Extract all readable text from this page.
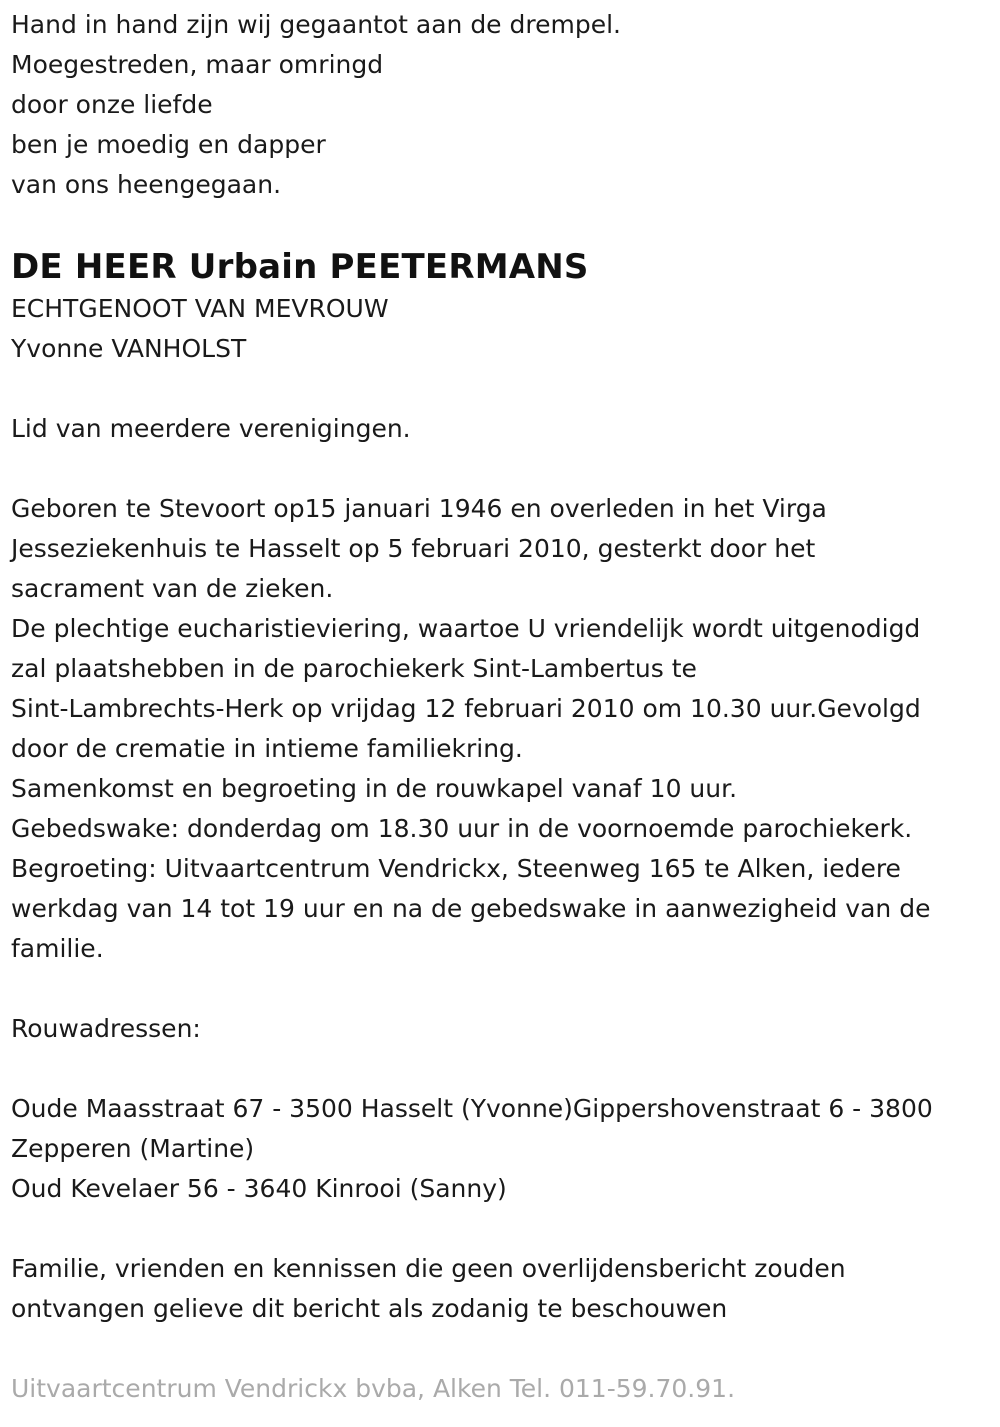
Hand in hand zijn wij gegaantot aan de drempel.
Moegestreden, maar omringd
door onze liefde
ben je moedig en dapper
van ons heengegaan.
DE HEER Urbain PEETERMANS
ECHTGENOOT VAN MEVROUW
Yvonne VANHOLST
Lid van meerdere verenigingen.
Geboren te Stevoort op15 januari 1946 en overleden in het Virga
Jesseziekenhuis te Hasselt op 5 februari 2010, gesterkt door het
sacrament van de zieken.
De plechtige eucharistieviering, waartoe U vriendelijk wordt uitgenodigd
zal plaatshebben in de parochiekerk Sint-Lambertus te
Sint-Lambrechts-Herk op vrijdag 12 februari 2010 om 10.30 uur.Gevolgd
door de crematie in intieme familiekring.
Samenkomst en begroeting in de rouwkapel vanaf 10 uur.
Gebedswake: donderdag om 18.30 uur in de voornoemde parochiekerk.
Begroeting: Uitvaartcentrum Vendrickx, Steenweg 165 te Alken, iedere
werkdag van 14 tot 19 uur en na de gebedswake in aanwezigheid van de
familie.
Rouwadressen:
Oude Maasstraat 67 - 3500 Hasselt (Yvonne)Gippershovenstraat 6 - 3800
Zepperen (Martine)
Oud Kevelaer 56 - 3640 Kinrooi (Sanny)
Familie, vrienden en kennissen die geen overlijdensbericht zouden
ontvangen gelieve dit bericht als zodanig te beschouwen
Uitvaartcentrum Vendrickx bvba, Alken Tel. 011-59.70.91.
